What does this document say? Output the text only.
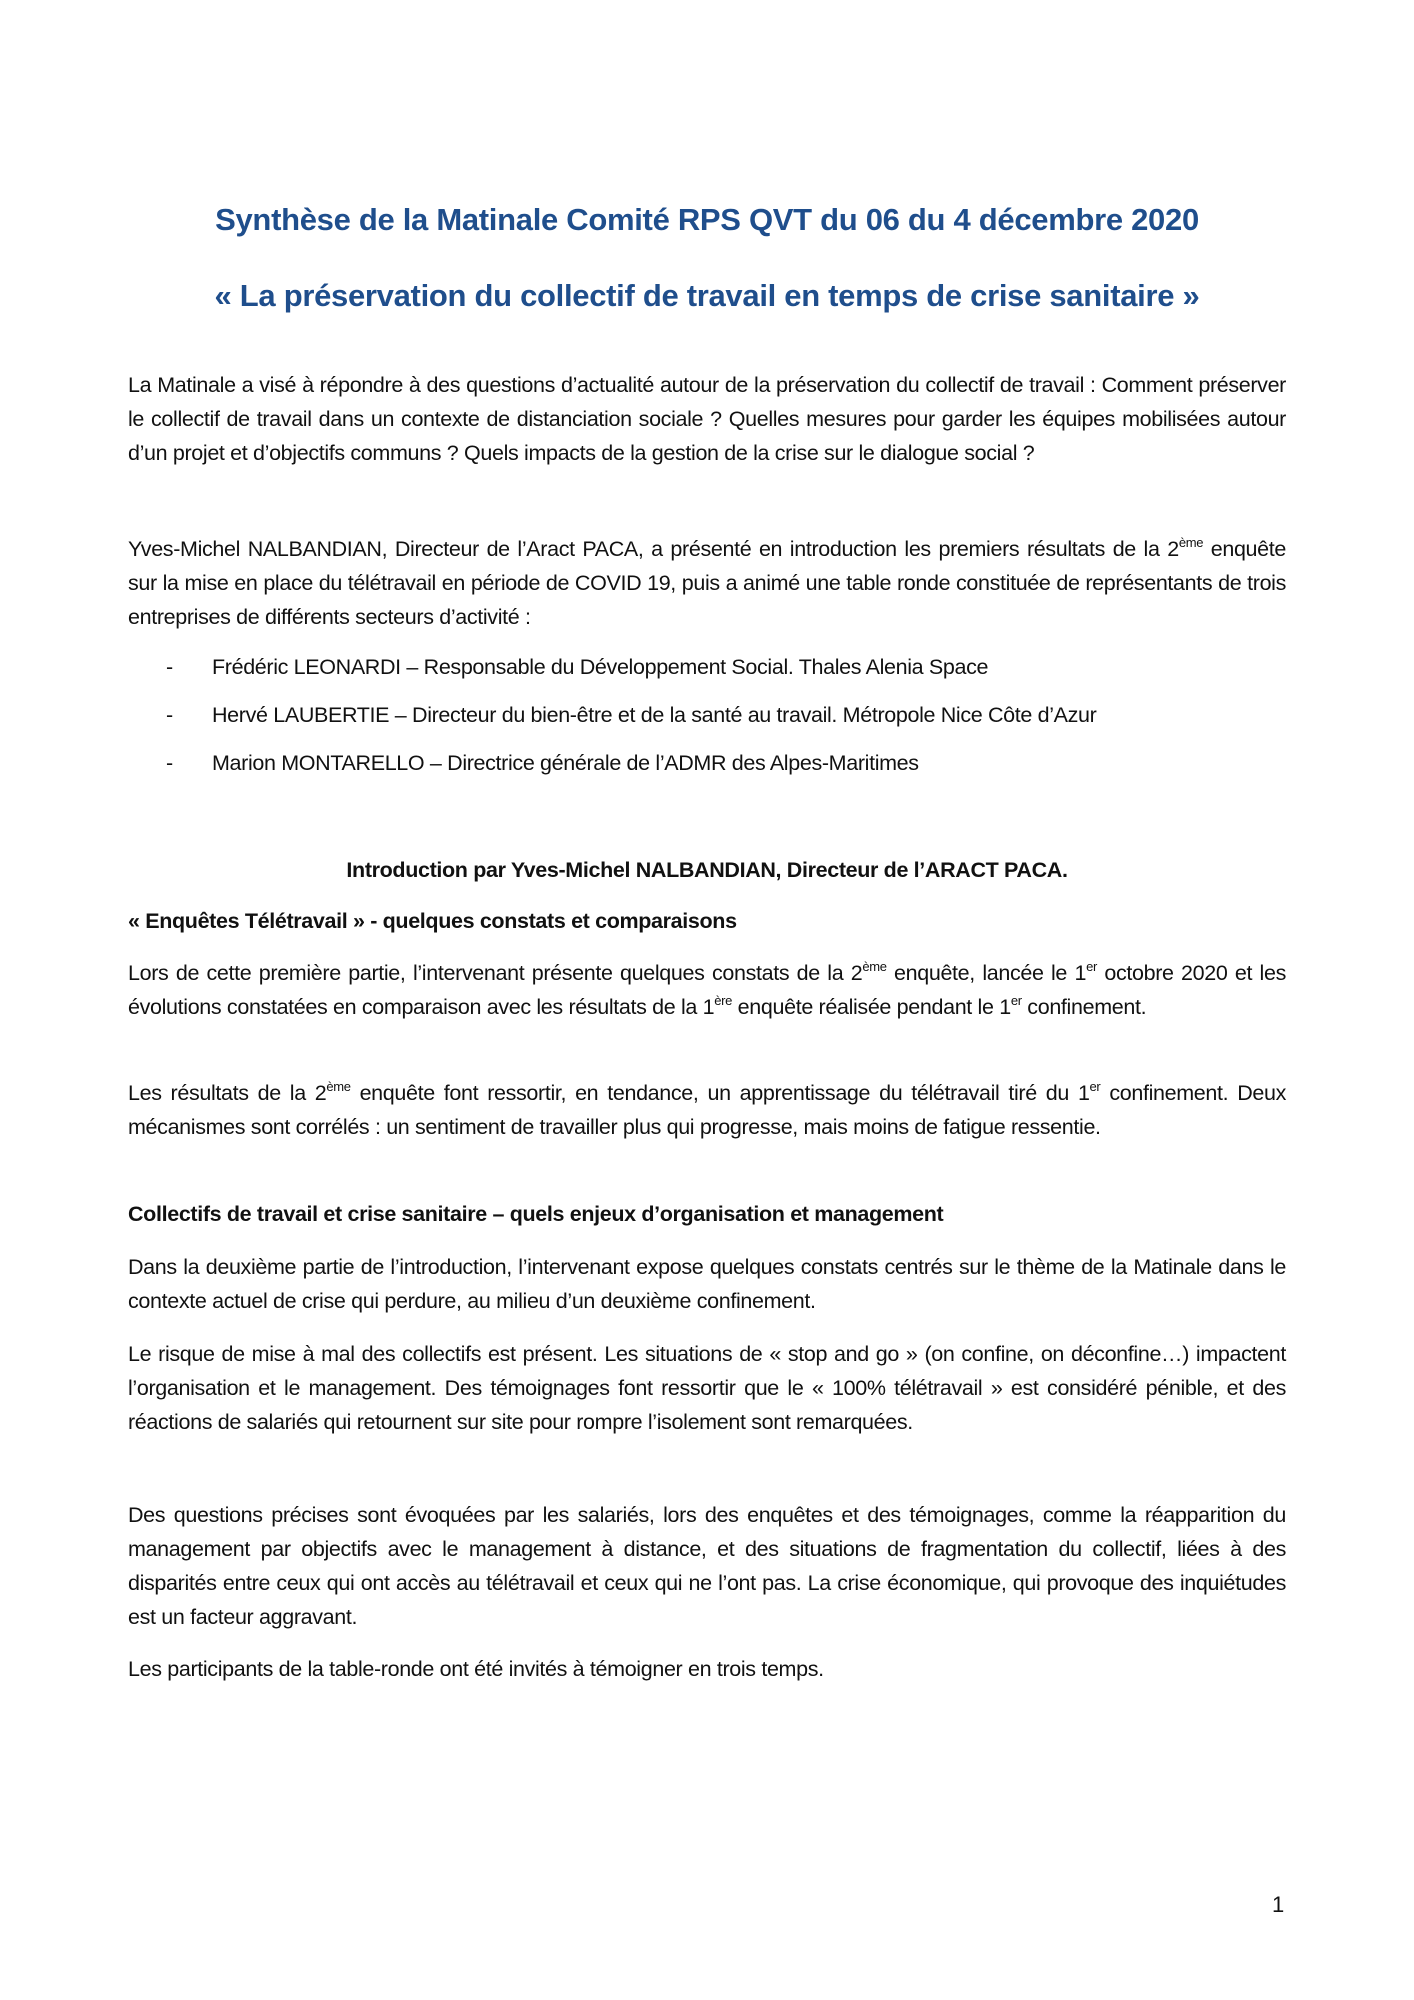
Synthèse de la Matinale Comité RPS QVT du 06 du 4 décembre 2020
« La préservation du collectif de travail en temps de crise sanitaire »

La Matinale a visé à répondre à des questions d’actualité autour de la préservation du collectif de travail : Comment préserver le collectif de travail dans un contexte de distanciation sociale ? Quelles mesures pour garder les équipes mobilisées autour d’un projet et d’objectifs communs ? Quels impacts de la gestion de la crise sur le dialogue social ?

Yves-Michel NALBANDIAN, Directeur de l’Aract PACA, a présenté en introduction les premiers résultats de la 2ème enquête sur la mise en place du télétravail en période de COVID 19, puis a animé une table ronde constituée de représentants de trois entreprises de différents secteurs d’activité :

- Frédéric LEONARDI – Responsable du Développement Social. Thales Alenia Space
- Hervé LAUBERTIE – Directeur du bien-être et de la santé au travail. Métropole Nice Côte d’Azur
- Marion MONTARELLO – Directrice générale de l’ADMR des Alpes-Maritimes
Introduction par Yves-Michel NALBANDIAN, Directeur de l’ARACT PACA.
« Enquêtes Télétravail » - quelques constats et comparaisons

Lors de cette première partie, l’intervenant présente quelques constats de la 2ème enquête, lancée le 1er octobre 2020 et les évolutions constatées en comparaison avec les résultats de la 1ère enquête réalisée pendant le 1er confinement.

Les résultats de la 2ème enquête font ressortir, en tendance, un apprentissage du télétravail tiré du 1er confinement. Deux mécanismes sont corrélés : un sentiment de travailler plus qui progresse, mais moins de fatigue ressentie.

Collectifs de travail et crise sanitaire – quels enjeux d’organisation et management

Dans la deuxième partie de l’introduction, l’intervenant expose quelques constats centrés sur le thème de la Matinale dans le contexte actuel de crise qui perdure, au milieu d’un deuxième confinement.

Le risque de mise à mal des collectifs est présent. Les situations de « stop and go » (on confine, on déconfine…) impactent l’organisation et le management. Des témoignages font ressortir que le « 100% télétravail » est considéré pénible, et des réactions de salariés qui retournent sur site pour rompre l’isolement sont remarquées.

Des questions précises sont évoquées par les salariés, lors des enquêtes et des témoignages, comme la réapparition du management par objectifs avec le management à distance, et des situations de fragmentation du collectif, liées à des disparités entre ceux qui ont accès au télétravail et ceux qui ne l’ont pas. La crise économique, qui provoque des inquiétudes est un facteur aggravant.

Les participants de la table-ronde ont été invités à témoigner en trois temps.

1
